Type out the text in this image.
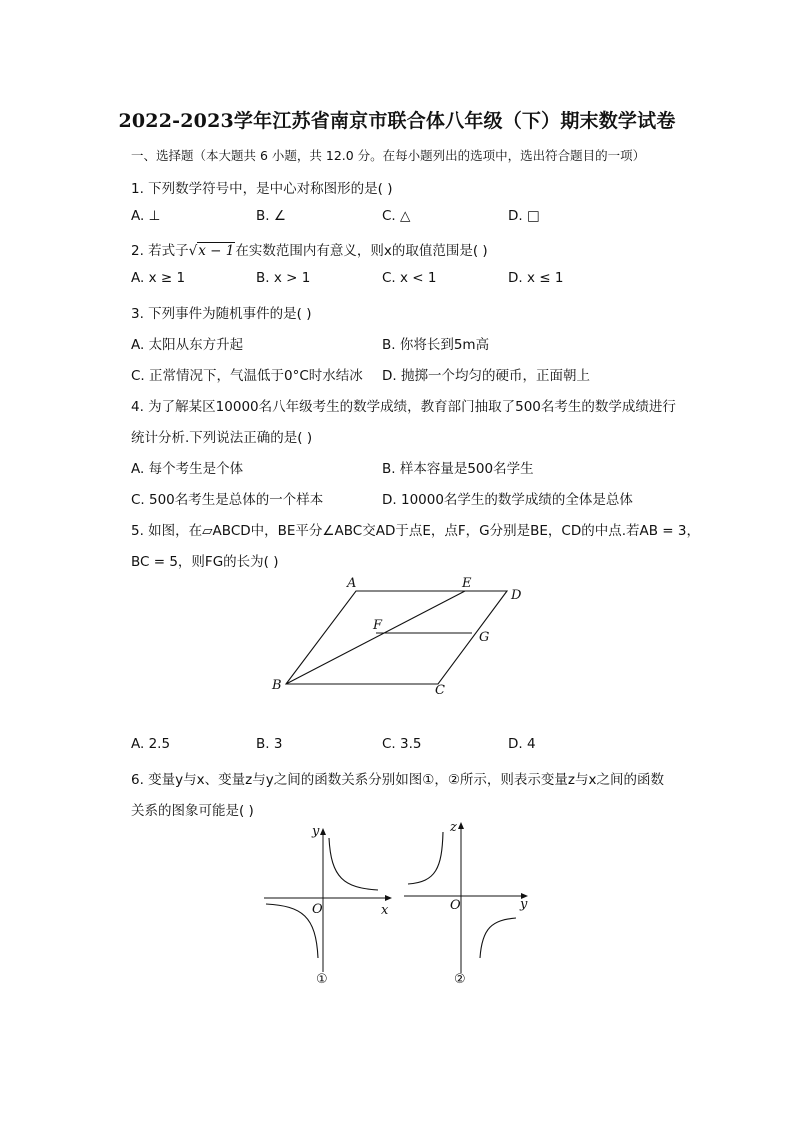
2022-2023学年江苏省南京市联合体八年级（下）期末数学试卷
一、选择题（本大题共 6 小题，共 12.0 分。在每小题列出的选项中，选出符合题目的一项）
1. 下列数学符号中，是中心对称图形的是( )
A. ⊥	B. ∠	C. △	D. □
2. 若式子√x − 1在实数范围内有意义，则x的取值范围是( )
A. x ≥ 1	B. x > 1	C. x < 1	D. x ≤ 1
3. 下列事件为随机事件的是( )
A. 太阳从东方升起	B. 你将长到5m高
C. 正常情况下，气温低于0°C时水结冰 D. 抛掷一个均匀的硬币，正面朝上
4. 为了解某区10000名八年级考生的数学成绩，教育部门抽取了500名考生的数学成绩进行
统计分析.下列说法正确的是( )
A. 每个考生是个体	B. 样本容量是500名学生
C. 500名考生是总体的一个样本	D. 10000名学生的数学成绩的全体是总体
5. 如图，在▱ABCD中，BE平分∠ABC交AD于点E，点F，G分别是BE，CD的中点.若AB = 3，
BC = 5，则FG的长为( )
A	E
D
F
G
B	C
A. 2.5	B. 3	C. 3.5	D. 4
6. 变量y与x、变量z与y之间的函数关系分别如图①，②所示，则表示变量z与x之间的函数
关系的图象可能是( )
y
x
O
①
z
y
O
②
